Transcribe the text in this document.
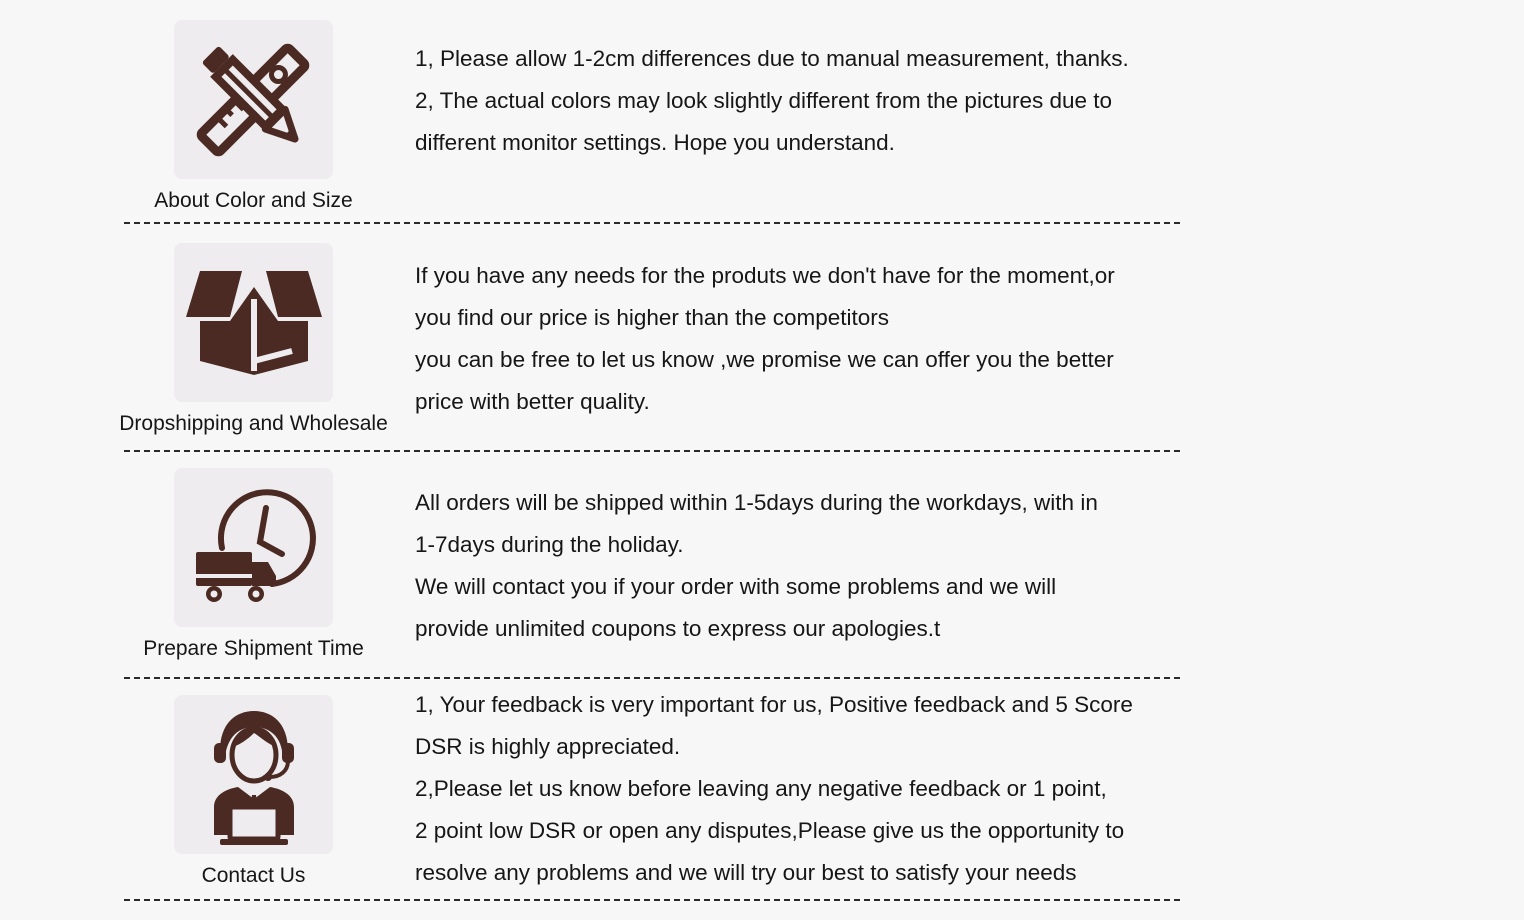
About Color and Size

1, Please allow 1-2cm differences due to manual measurement, thanks.

2, The actual colors may look slightly different from the pictures due to

different monitor settings. Hope you understand.

Dropshipping and Wholesale

If you have any needs for the produts we don't have for the moment,or

you find our price is higher than the competitors

you can be free to let us know ,we promise we can offer you the better

price with better quality.

Prepare Shipment Time

All orders will be shipped within 1-5days during the workdays, with in

1-7days during the holiday.

We will contact you if your order with some problems and we will

provide unlimited coupons to express our apologies.t

Contact Us

1, Your feedback is very important for us, Positive feedback and 5 Score

DSR is highly appreciated.

2,Please let us know before leaving any negative feedback or 1 point,

2 point low DSR or open any disputes,Please give us the opportunity to

resolve any problems and we will try our best to satisfy your needs
